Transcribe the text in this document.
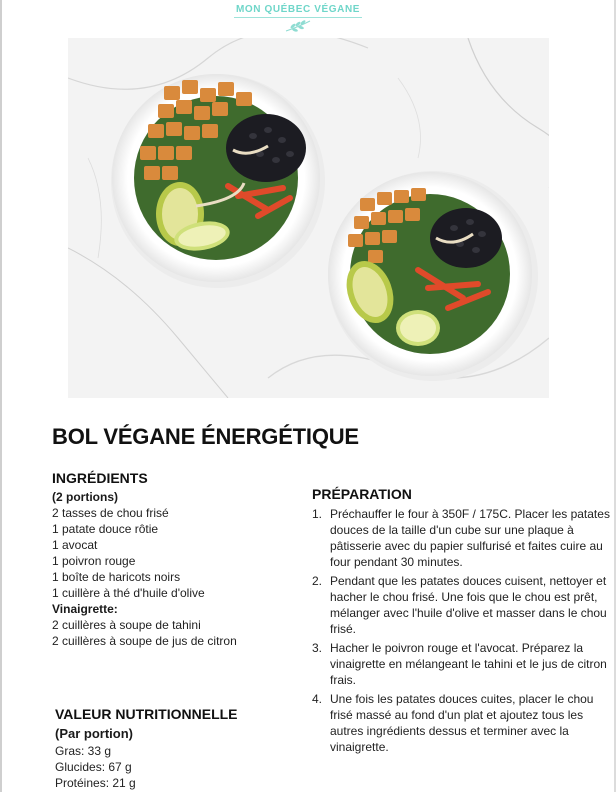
MON QUÉBEC VÉGANE
BOL VÉGANE ÉNERGÉTIQUE
INGRÉDIENTS
(2 portions)
2 tasses de chou frisé
1 patate douce rôtie
1 avocat
1 poivron rouge
1 boîte de haricots noirs
1 cuillère à thé d'huile d'olive
Vinaigrette:
2 cuillères à soupe de tahini
2 cuillères à soupe de jus de citron
PRÉPARATION
1. Préchauffer le four à 350F / 175C. Placer les patates douces de la taille d'un cube sur une plaque à pâtisserie avec du papier sulfurisé et faites cuire au four pendant 30 minutes.
2. Pendant que les patates douces cuisent, nettoyer et hacher le chou frisé. Une fois que le chou est prêt, mélanger avec l'huile d'olive et masser dans le chou frisé.
3. Hacher le poivron rouge et l'avocat. Préparez la vinaigrette en mélangeant le tahini et le jus de citron frais.
4. Une fois les patates douces cuites, placer le chou frisé massé au fond d'un plat et ajoutez tous les autres ingrédients dessus et terminer avec la vinaigrette.
VALEUR NUTRITIONNELLE
(Par portion)
Gras: 33 g
Glucides: 67 g
Protéines: 21 g
